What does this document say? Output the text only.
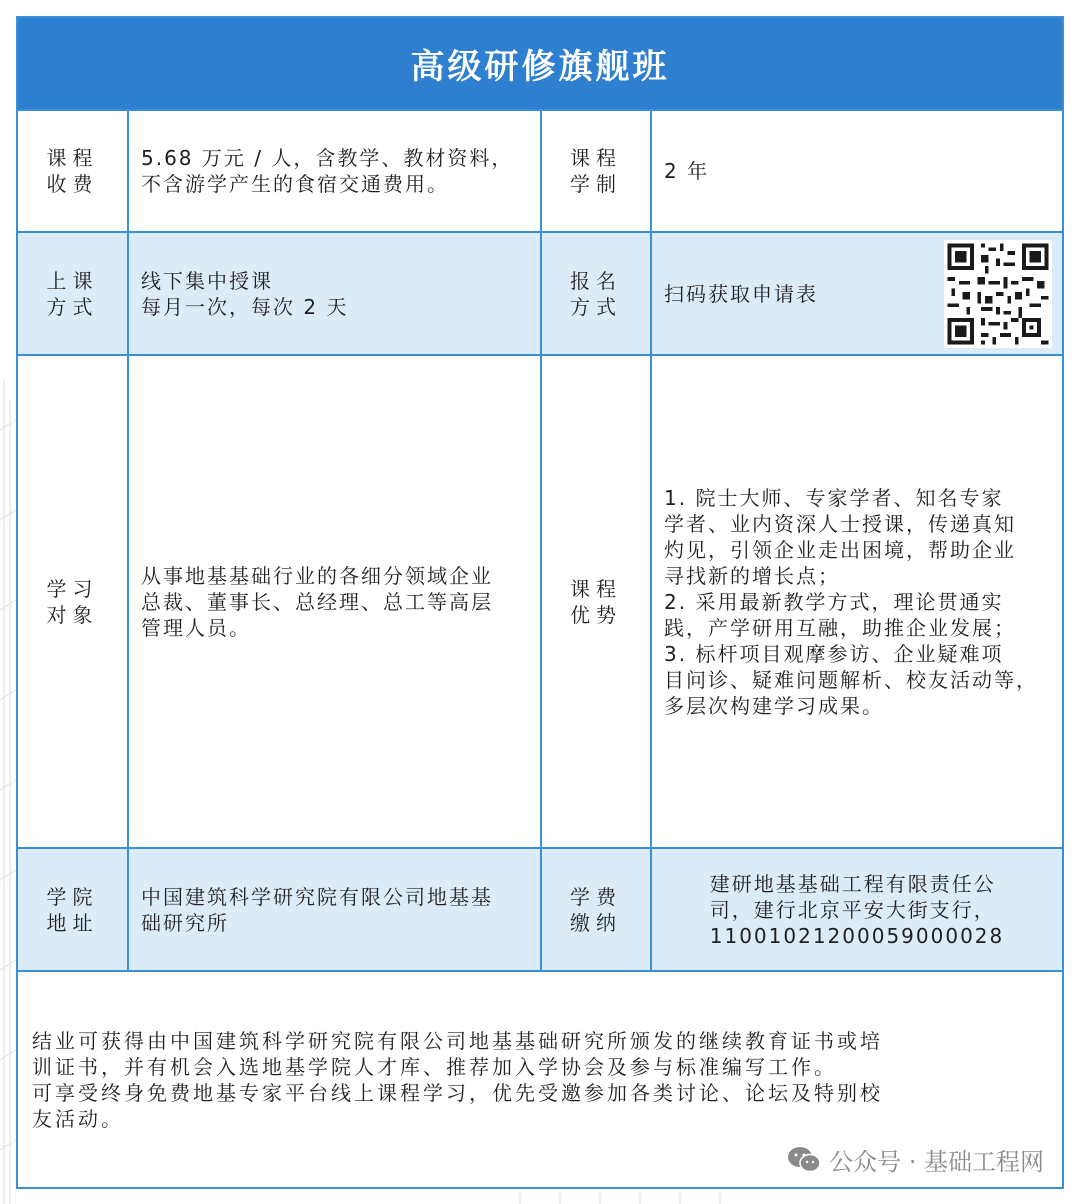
高级研修旗舰班
课程
收费
5.68 万元 / 人，含教学、教材资料，
不含游学产生的食宿交通费用。
课程
学制
2 年
上课
方式
线下集中授课
每月一次，每次 2 天
报名
方式
扫码获取申请表
学习
对象
从事地基基础行业的各细分领域企业
总裁、董事长、总经理、总工等高层
管理人员。
课程
优势
1. 院士大师、专家学者、知名专家
学者、业内资深人士授课，传递真知
灼见，引领企业走出困境，帮助企业
寻找新的增长点；
2. 采用最新教学方式，理论贯通实
践，产学研用互融，助推企业发展；
3. 标杆项目观摩参访、企业疑难项
目问诊、疑难问题解析、校友活动等，
多层次构建学习成果。
学院
地址
中国建筑科学研究院有限公司地基基
础研究所
学费
缴纳
建研地基基础工程有限责任公
司，建行北京平安大街支行，
11001021200059000028
结业可获得由中国建筑科学研究院有限公司地基基础研究所颁发的继续教育证书或培
训证书，并有机会入选地基学院人才库、推荐加入学协会及参与标准编写工作。
可享受终身免费地基专家平台线上课程学习，优先受邀参加各类讨论、论坛及特别校
友活动。
公众号 · 基础工程网
